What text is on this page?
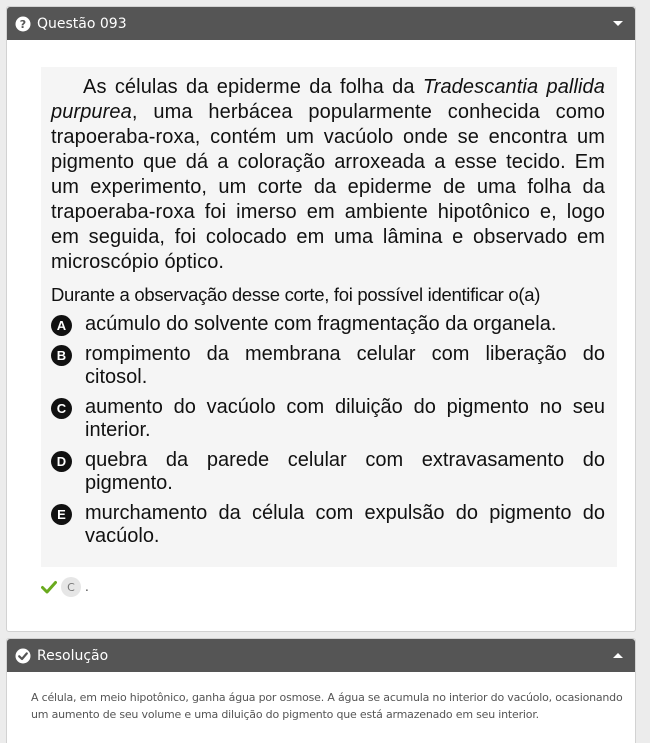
? Questão 093

As células da epiderme da folha da Tradescantia pallida purpurea, uma herbácea popularmente conhecida como trapoeraba-roxa, contém um vacúolo onde se encontra um pigmento que dá a coloração arroxeada a esse tecido. Em um experimento, um corte da epiderme de uma folha da trapoeraba-roxa foi imerso em ambiente hipotônico e, logo em seguida, foi colocado em uma lâmina e observado em microscópio óptico.

Durante a observação desse corte, foi possível identificar o(a)

A acúmulo do solvente com fragmentação da organela.
B rompimento da membrana celular com liberação do citosol.
C aumento do vacúolo com diluição do pigmento no seu interior.
D quebra da parede celular com extravasamento do pigmento.
E murchamento da célula com expulsão do pigmento do vacúolo.
C .
Resolução

A célula, em meio hipotônico, ganha água por osmose. A água se acumula no interior do vacúolo, ocasionando um aumento de seu volume e uma diluição do pigmento que está armazenado em seu interior.
